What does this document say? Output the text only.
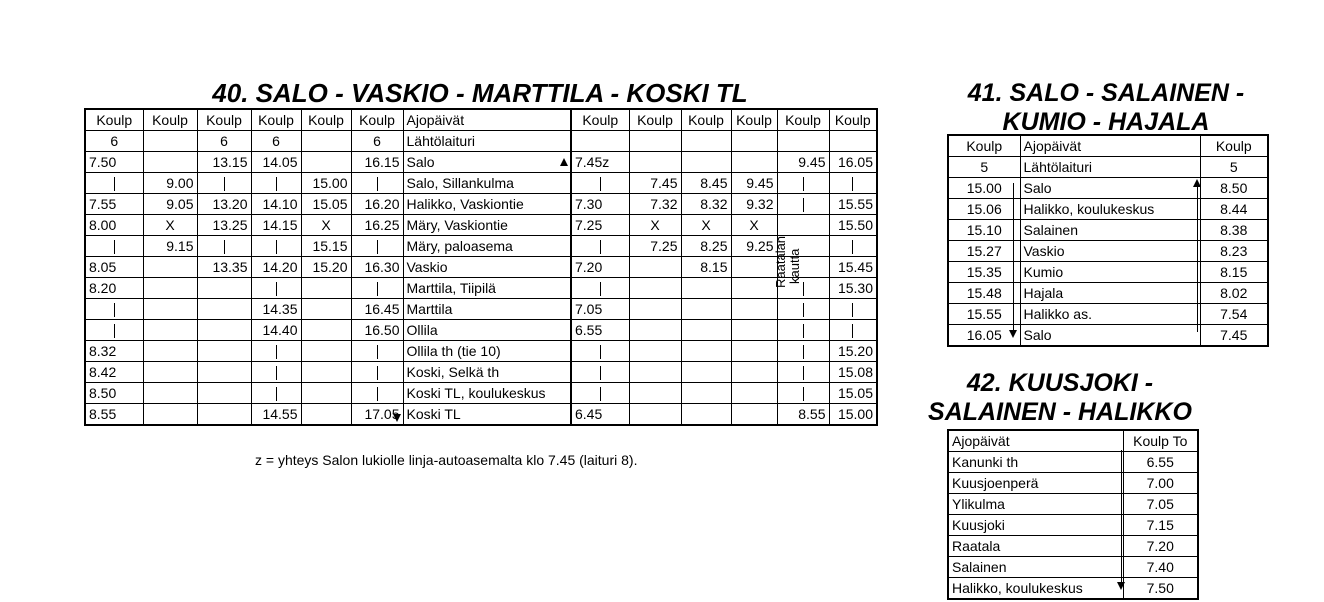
40. SALO - VASKIO - MARTTILA - KOSKI TL
Koulp	Koulp	Koulp	Koulp	Koulp	Koulp	Ajopäivät	Koulp	Koulp	Koulp	Koulp	Koulp	Koulp
6		6	6		6	Lähtölaituri						
7.50		13.15	14.05		16.15	Salo	7.45z				9.45	16.05
	9.00			15.00		Salo, Sillankulma		7.45	8.45	9.45		
7.55	9.05	13.20	14.10	15.05	16.20	Halikko, Vaskiontie	7.30	7.32	8.32	9.32		15.55
8.00	X	13.25	14.15	X	16.25	Märy, Vaskiontie	7.25	X	X	X		15.50
	9.15			15.15		Märy, paloasema		7.25	8.25	9.25		
8.05		13.35	14.20	15.20	16.30	Vaskio	7.20		8.15			15.45
8.20						Marttila, Tiipilä						15.30
			14.35		16.45	Marttila	7.05					
			14.40		16.50	Ollila	6.55					
8.32						Ollila th (tie 10)						15.20
8.42						Koski, Selkä th						15.08
8.50						Koski TL, koulukeskus						15.05
8.55			14.55		17.05	Koski TL	6.45				8.55	15.00
Raatalan kautta
z = yhteys Salon lukiolle linja-autoasemalta klo 7.45 (laituri 8).
41. SALO - SALAINEN -
KUMIO - HAJALA
Koulp	Ajopäivät	Koulp
5	Lähtölaituri	5
15.00	Salo	8.50
15.06	Halikko, koulukeskus	8.44
15.10	Salainen	8.38
15.27	Vaskio	8.23
15.35	Kumio	8.15
15.48	Hajala	8.02
15.55	Halikko as.	7.54
16.05	Salo	7.45
42. KUUSJOKI -
SALAINEN - HALIKKO
Ajopäivät	Koulp To
Kanunki th	6.55
Kuusjoenperä	7.00
Ylikulma	7.05
Kuusjoki	7.15
Raatala	7.20
Salainen	7.40
Halikko, koulukeskus	7.50
